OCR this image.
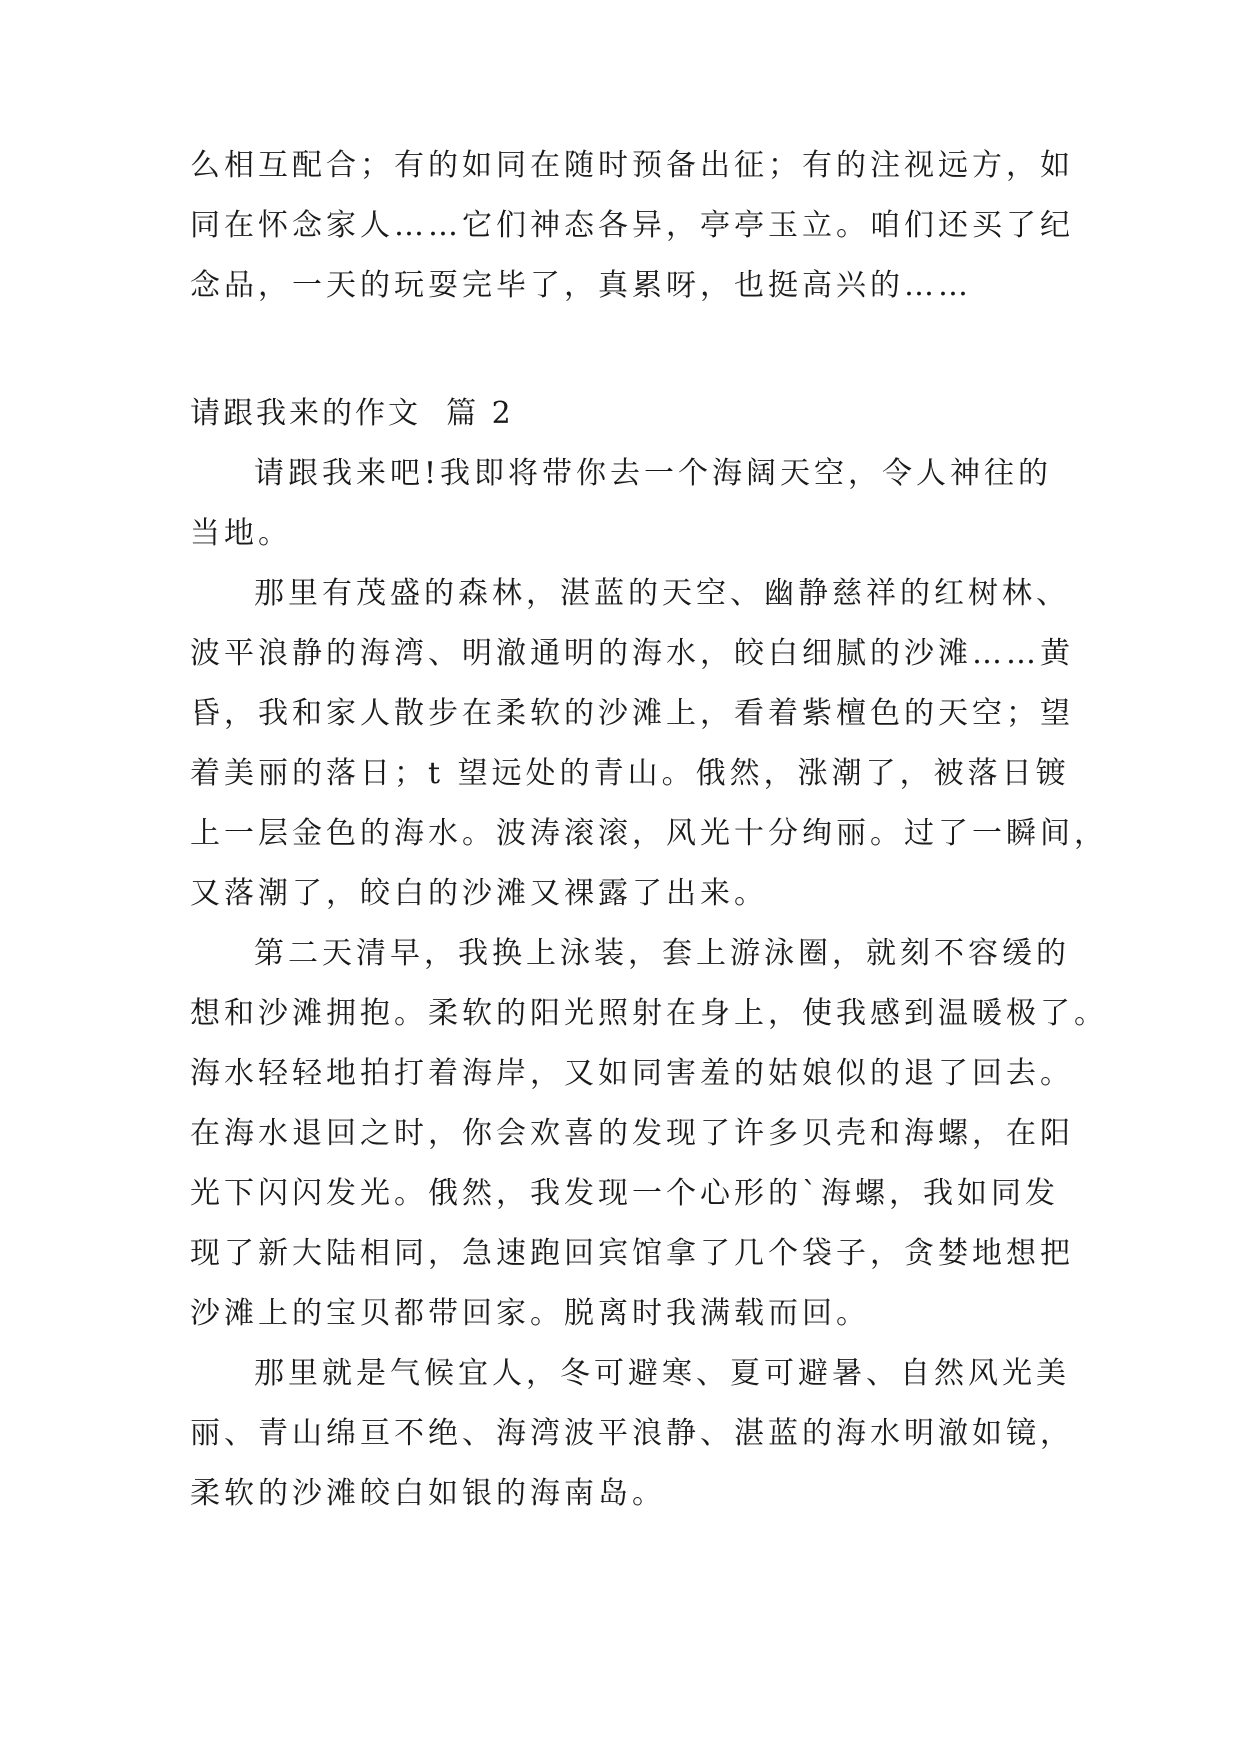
么相互配合；有的如同在随时预备出征；有的注视远方，如
同在怀念家人……它们神态各异，亭亭玉立。咱们还买了纪
念品，一天的玩耍完毕了，真累呀，也挺高兴的……
请跟我来的作文  篇 2
请跟我来吧!我即将带你去一个海阔天空，令人神往的
当地。
那里有茂盛的森林，湛蓝的天空、幽静慈祥的红树林、
波平浪静的海湾、明澈通明的海水，皎白细腻的沙滩……黄
昏，我和家人散步在柔软的沙滩上，看着紫檀色的天空；望
着美丽的落日；t 望远处的青山。俄然，涨潮了，被落日镀
上一层金色的海水。波涛滚滚，风光十分绚丽。过了一瞬间，
又落潮了，皎白的沙滩又裸露了出来。
第二天清早，我换上泳装，套上游泳圈，就刻不容缓的
想和沙滩拥抱。柔软的阳光照射在身上，使我感到温暖极了。
海水轻轻地拍打着海岸，又如同害羞的姑娘似的退了回去。
在海水退回之时，你会欢喜的发现了许多贝壳和海螺，在阳
光下闪闪发光。俄然，我发现一个心形的`海螺，我如同发
现了新大陆相同，急速跑回宾馆拿了几个袋子，贪婪地想把
沙滩上的宝贝都带回家。脱离时我满载而回。
那里就是气候宜人，冬可避寒、夏可避暑、自然风光美
丽、青山绵亘不绝、海湾波平浪静、湛蓝的海水明澈如镜，
柔软的沙滩皎白如银的海南岛。
